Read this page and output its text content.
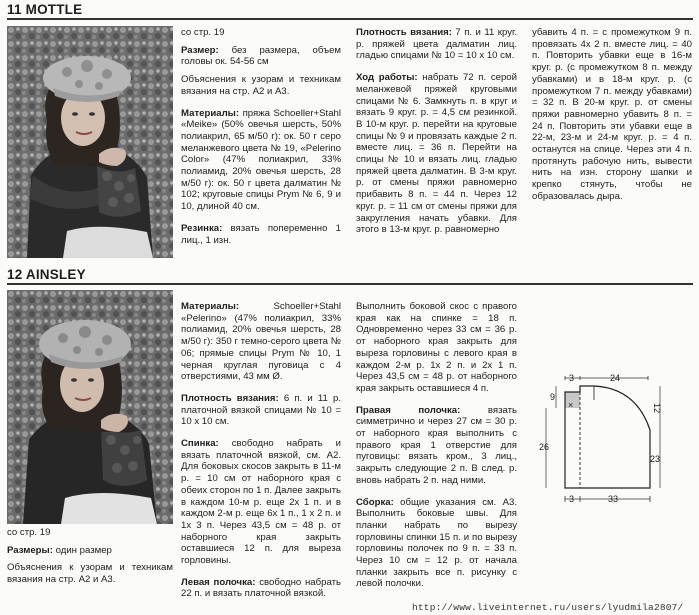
11 MOTTLE

со стр. 19

Размер: без размера, объем головы ок. 54-56 см

Объяснения к узорам и техникам вязания на стр. А2 и А3.

Материалы: пряжа Schoeller+Stahl «Meike» (50% овечья шерсть, 50% полиакрил, 65 м/50 г): ок. 50 г серо меланжевого цвета № 19, «Pelerino Color» (47% полиакрил, 33% полиамид, 20% овечья шерсть, 28 м/50 г): ок. 50 г цвета далматин № 102; круговые спицы Prym № 6, 9 и 10, длиной 40 см.

Резинка: вязать попеременно 1 лиц., 1 изн.

Плотность вязания: 7 п. и 11 круг. р. пряжей цвета далматин лиц. гладью спицами № 10 = 10 x 10 см.

Ход работы: набрать 72 п. серой меланжевой пряжей круговыми спицами № 6. Замкнуть п. в круг и вязать 9 круг. р. = 4,5 см резинкой. В 10-м круг. р. перейти на круговые спицы № 9 и провязать каждые 2 п. вместе лиц. = 36 п. Перейти на спицы № 10 и вязать лиц. гладью пряжей цвета далматин. В 3-м круг. р. от смены пряжи равномерно прибавить 8 п. = 44 п. Через 12 круг. р. = 11 см от смены пряжи для закругления начать убавки. Для этого в 13-м круг. р. равномерно

убавить 4 п. = с промежутком 9 п. провязать 4х 2 п. вместе лиц. = 40 п. Повторить убавки еще в 16-м круг. р. (с промежутком 8 п. между убавками) и в 18-м круг. р. (с промежутком 7 п. между убавками) = 32 п. В 20-м круг. р. от смены пряжи равномерно убавить 8 п. = 24 п. Повторить эти убавки еще в 22-м, 23-м и 24-м круг. р. = 4 п. останутся на спице. Через эти 4 п. протянуть рабочую нить, вывести нить на изн. сторону шапки и крепко стянуть, чтобы не образовалась дыра.

12 AINSLEY

со стр. 19

Размеры: один размер

Объяснения к узорам и техникам вязания на стр. А2 и А3.

Материалы: Schoeller+Stahl «Pelerino» (47% полиакрил, 33% полиамид, 20% овечья шерсть, 28 м/50 г): 350 г темно-серого цвета № 06; прямые спицы Prym № 10, 1 черная круглая пуговица с 4 отверстиями, 43 мм Ø.

Плотность вязания: 6 п. и 11 р. платочной вязкой спицами № 10 = 10 x 10 см.

Спинка: свободно набрать и вязать платочной вязкой, см. А2. Для боковых скосов закрыть в 11-м р. = 10 см от наборного края с обеих сторон по 1 п. Далее закрыть в каждом 10-м р. еще 2х 1 п. и в каждом 2-м р. еще 6х 1 п., 1 х 2 п. и 1х 3 п. Через 43,5 см = 48 р. от наборного края закрыть оставшиеся 12 п. для выреза горловины.

Левая полочка: свободно набрать 22 п. и вязать платочной вязкой.

Выполнить боковой скос с правого края как на спинке = 18 п. Одновременно через 33 см = 36 р. от наборного края закрыть для выреза горловины с левого края в каждом 2-м р. 1х 2 п. и 2х 1 п. Через 43,5 см = 48 р. от наборного края закрыть оставшиеся 4 п.

Правая полочка: вязать симметрично и через 27 см = 30 р. от наборного края выполнить с правого края 1 отверстие для пуговицы: вязать кром., 3 лиц., закрыть следующие 2 п. В след. р. вновь набрать 2 п. над ними.

Сборка: общие указания см. А3. Выполнить боковые швы. Для планки набрать по вырезу горловины спинки 15 п. и по вырезу горловины полочек по 9 п. = 33 п. Через 10 см = 12 р. от начала планки закрыть все п. рисунку с левой полочки.

3	24
×
9
26
12
23
3	33
http://www.liveinternet.ru/users/lyudmila2807/
